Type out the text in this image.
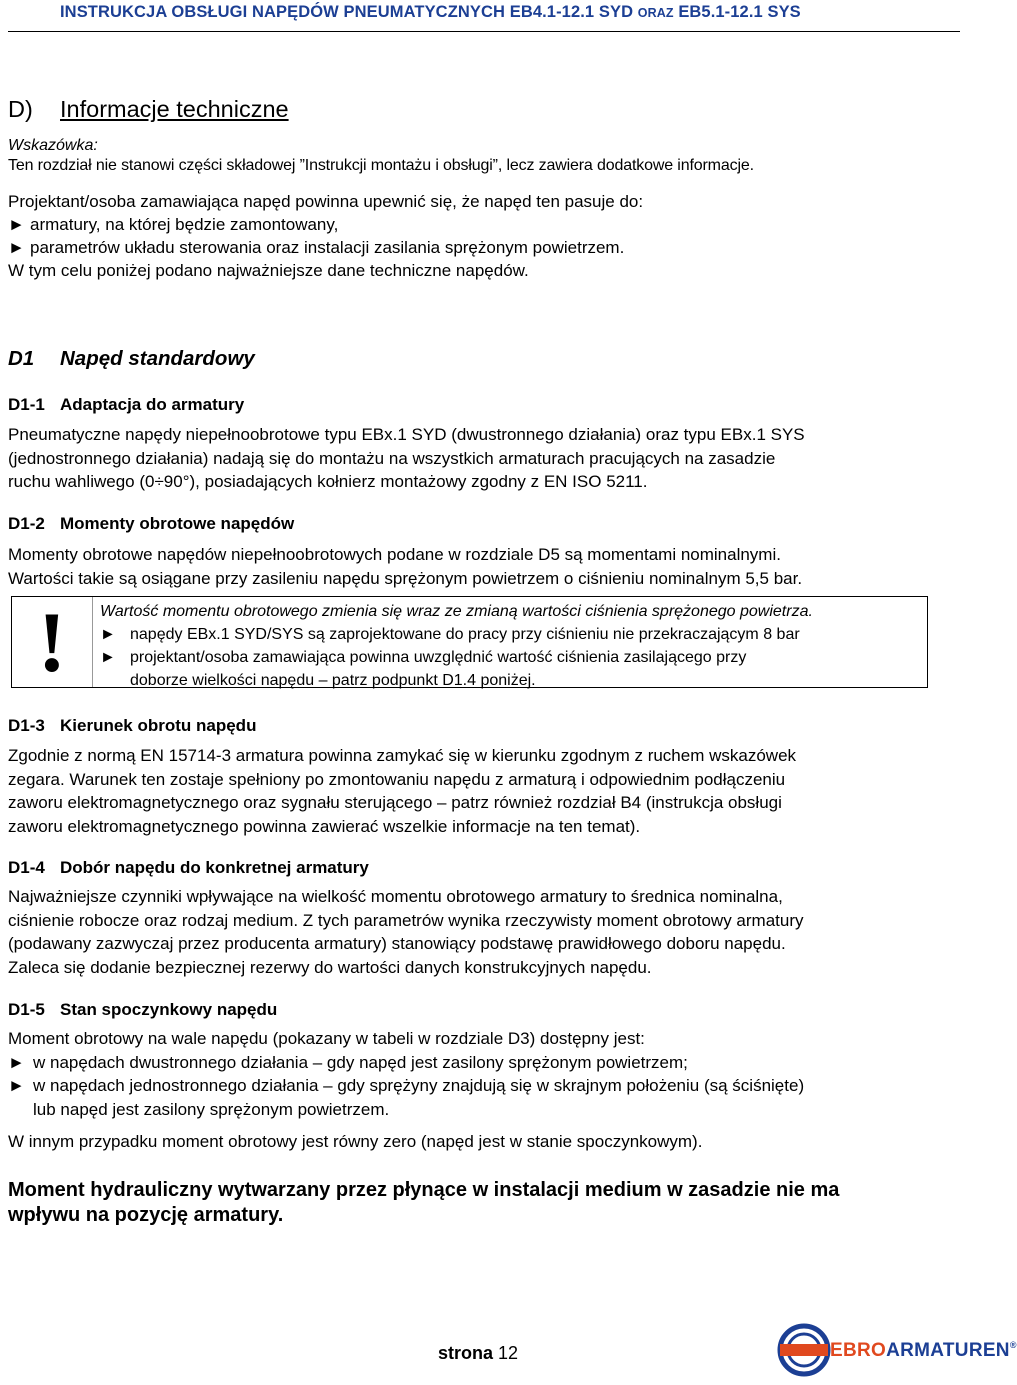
INSTRUKCJA OBSŁUGI NAPĘDÓW PNEUMATYCZNYCH EB4.1-12.1 SYD ORAZ EB5.1-12.1 SYS
D) Informacje techniczne
Wskazówka:
Ten rozdział nie stanowi części składowej ”Instrukcji montażu i obsługi”, lecz zawiera dodatkowe informacje.
Projektant/osoba zamawiająca napęd powinna upewnić się, że napęd ten pasuje do:
► armatury, na której będzie zamontowany,
► parametrów układu sterowania oraz instalacji zasilania sprężonym powietrzem.
W tym celu poniżej podano najważniejsze dane techniczne napędów.
D1 Napęd standardowy
D1-1 Adaptacja do armatury
Pneumatyczne napędy niepełnoobrotowe typu EBx.1 SYD (dwustronnego działania) oraz typu EBx.1 SYS
(jednostronnego działania) nadają się do montażu na wszystkich armaturach pracujących na zasadzie
ruchu wahliwego (0÷90°), posiadających kołnierz montażowy zgodny z EN ISO 5211.
D1-2 Momenty obrotowe napędów
Momenty obrotowe napędów niepełnoobrotowych podane w rozdziale D5 są momentami nominalnymi.
Wartości takie są osiągane przy zasileniu napędu sprężonym powietrzem o ciśnieniu nominalnym 5,5 bar.
!	Wartość momentu obrotowego zmienia się wraz ze zmianą wartości ciśnienia sprężonego powietrza.
► napędy EBx.1 SYD/SYS są zaprojektowane do pracy przy ciśnieniu nie przekraczającym 8 bar
► projektant/osoba zamawiająca powinna uwzględnić wartość ciśnienia zasilającego przy
doborze wielkości napędu – patrz podpunkt D1.4 poniżej.
D1-3 Kierunek obrotu napędu
Zgodnie z normą EN 15714-3 armatura powinna zamykać się w kierunku zgodnym z ruchem wskazówek
zegara. Warunek ten zostaje spełniony po zmontowaniu napędu z armaturą i odpowiednim podłączeniu
zaworu elektromagnetycznego oraz sygnału sterującego – patrz również rozdział B4 (instrukcja obsługi
zaworu elektromagnetycznego powinna zawierać wszelkie informacje na ten temat).
D1-4 Dobór napędu do konkretnej armatury
Najważniejsze czynniki wpływające na wielkość momentu obrotowego armatury to średnica nominalna,
ciśnienie robocze oraz rodzaj medium. Z tych parametrów wynika rzeczywisty moment obrotowy armatury
(podawany zazwyczaj przez producenta armatury) stanowiący podstawę prawidłowego doboru napędu.
Zaleca się dodanie bezpiecznej rezerwy do wartości danych konstrukcyjnych napędu.
D1-5 Stan spoczynkowy napędu
Moment obrotowy na wale napędu (pokazany w tabeli w rozdziale D3) dostępny jest:
► w napędach dwustronnego działania – gdy napęd jest zasilony sprężonym powietrzem;
► w napędach jednostronnego działania – gdy sprężyny znajdują się w skrajnym położeniu (są ściśnięte)
lub napęd jest zasilony sprężonym powietrzem.
W innym przypadku moment obrotowy jest równy zero (napęd jest w stanie spoczynkowym).
Moment hydrauliczny wytwarzany przez płynące w instalacji medium w zasadzie nie ma
wpływu na pozycję armatury.
strona 12	EBROARMATUREN®
